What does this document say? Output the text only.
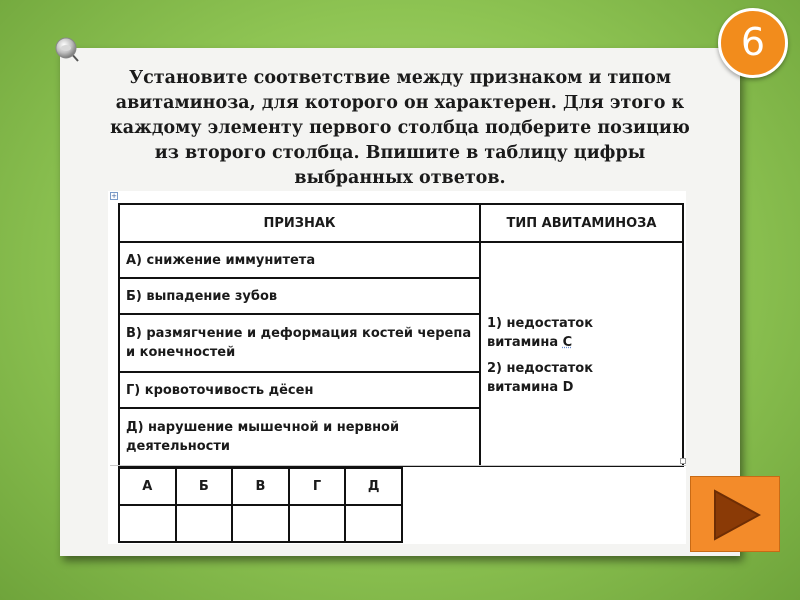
6

Установите соответствие между признаком и типом авитаминоза, для которого он характерен. Для этого к каждому элементу первого столбца подберите позицию из второго столбца. Впишите в таблицу цифры выбранных ответов.

+
ПРИЗНАК	ТИП АВИТАМИНОЗА
А) снижение иммунитета	1) недостаток
витамина С
2) недостаток
витамина D

Б) выпадение зубов	
В) размягчение и деформация костей черепа и конечностей	
Г) кровоточивость дёсен	
Д) нарушение мышечной и нервной деятельности	
А	Б	В	Г	Д
